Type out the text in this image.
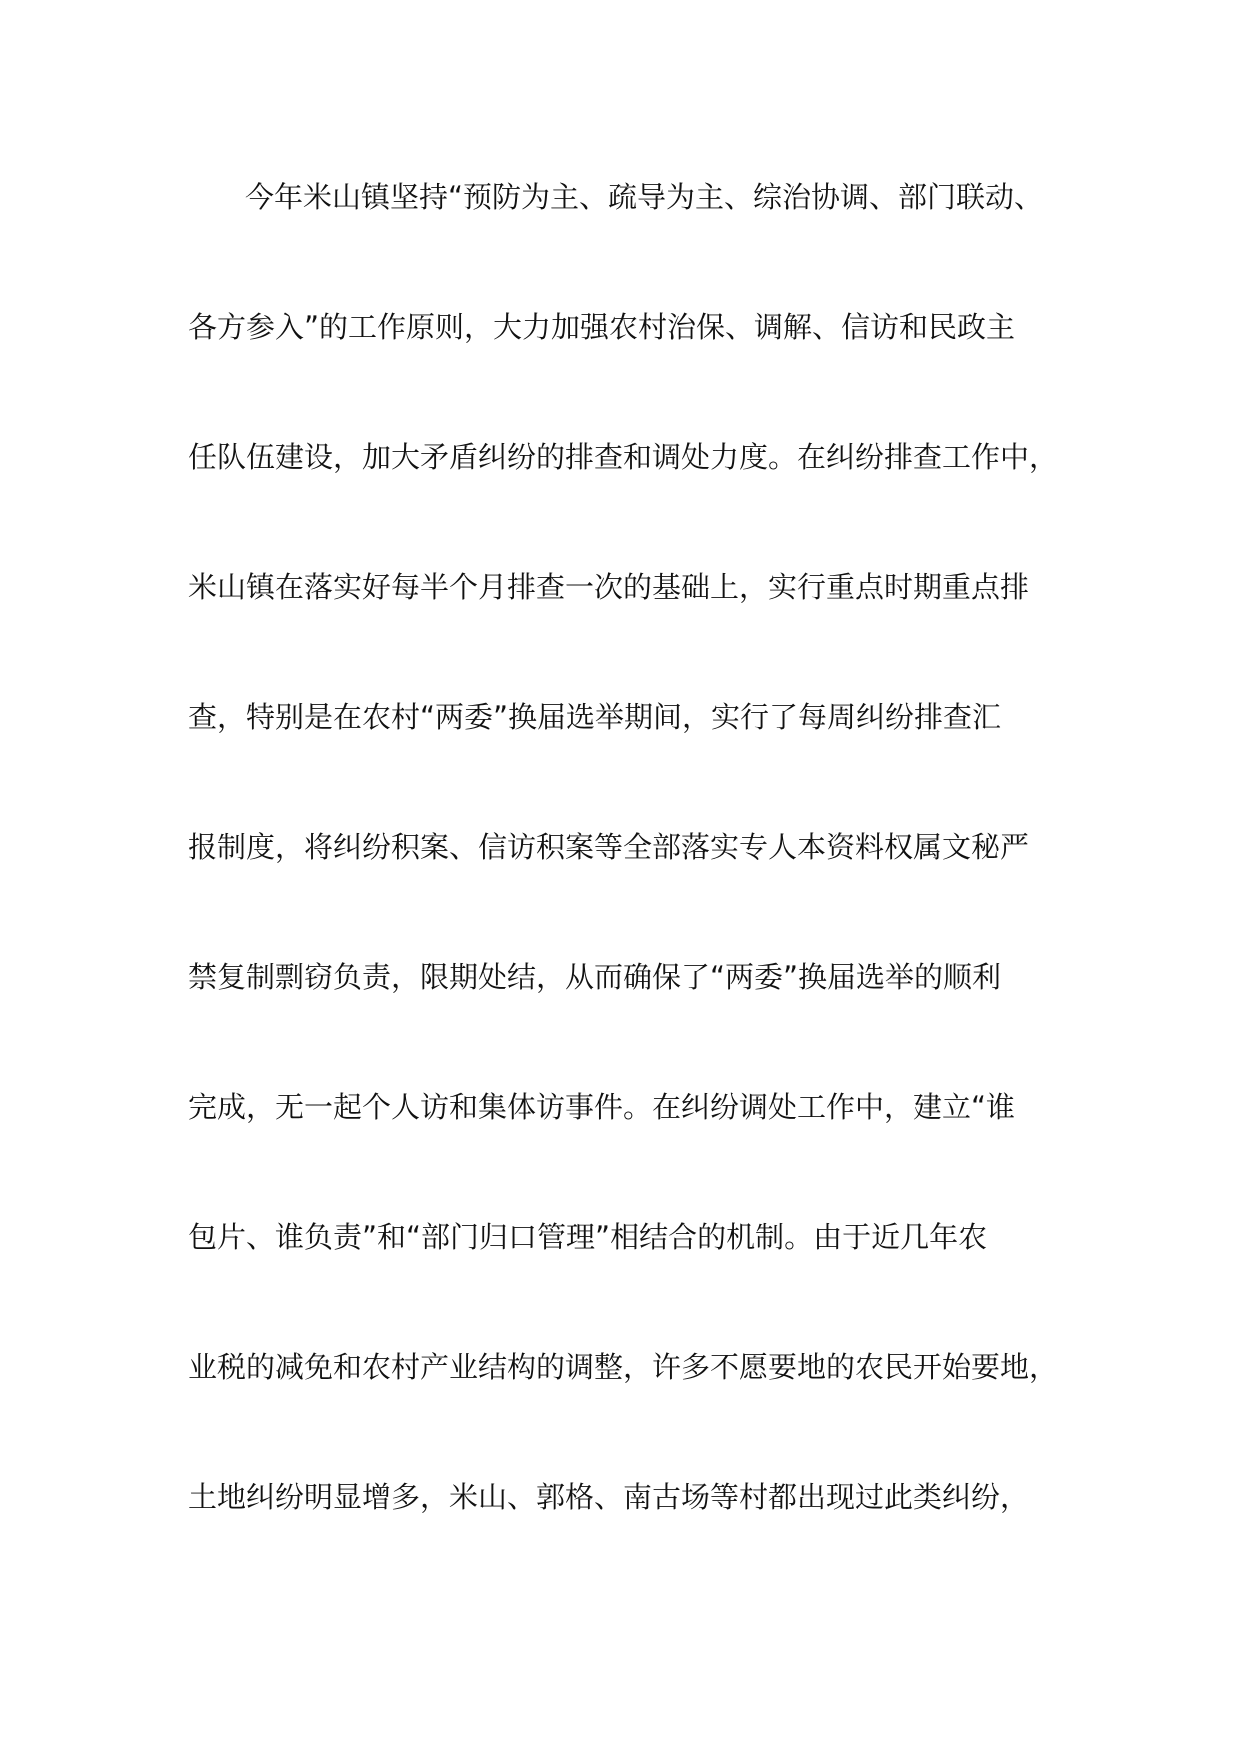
今年米山镇坚持“预防为主、疏导为主、综治协调、部门联动、
各方参入”的工作原则，大力加强农村治保、调解、信访和民政主
任队伍建设，加大矛盾纠纷的排查和调处力度。在纠纷排查工作中，
米山镇在落实好每半个月排查一次的基础上，实行重点时期重点排
查，特别是在农村“两委”换届选举期间，实行了每周纠纷排查汇
报制度，将纠纷积案、信访积案等全部落实专人本资料权属文秘严
禁复制剽窃负责，限期处结，从而确保了“两委”换届选举的顺利
完成，无一起个人访和集体访事件。在纠纷调处工作中，建立“谁
包片、谁负责”和“部门归口管理”相结合的机制。由于近几年农
业税的减免和农村产业结构的调整，许多不愿要地的农民开始要地，
土地纠纷明显增多，米山、郭格、南古场等村都出现过此类纠纷，
